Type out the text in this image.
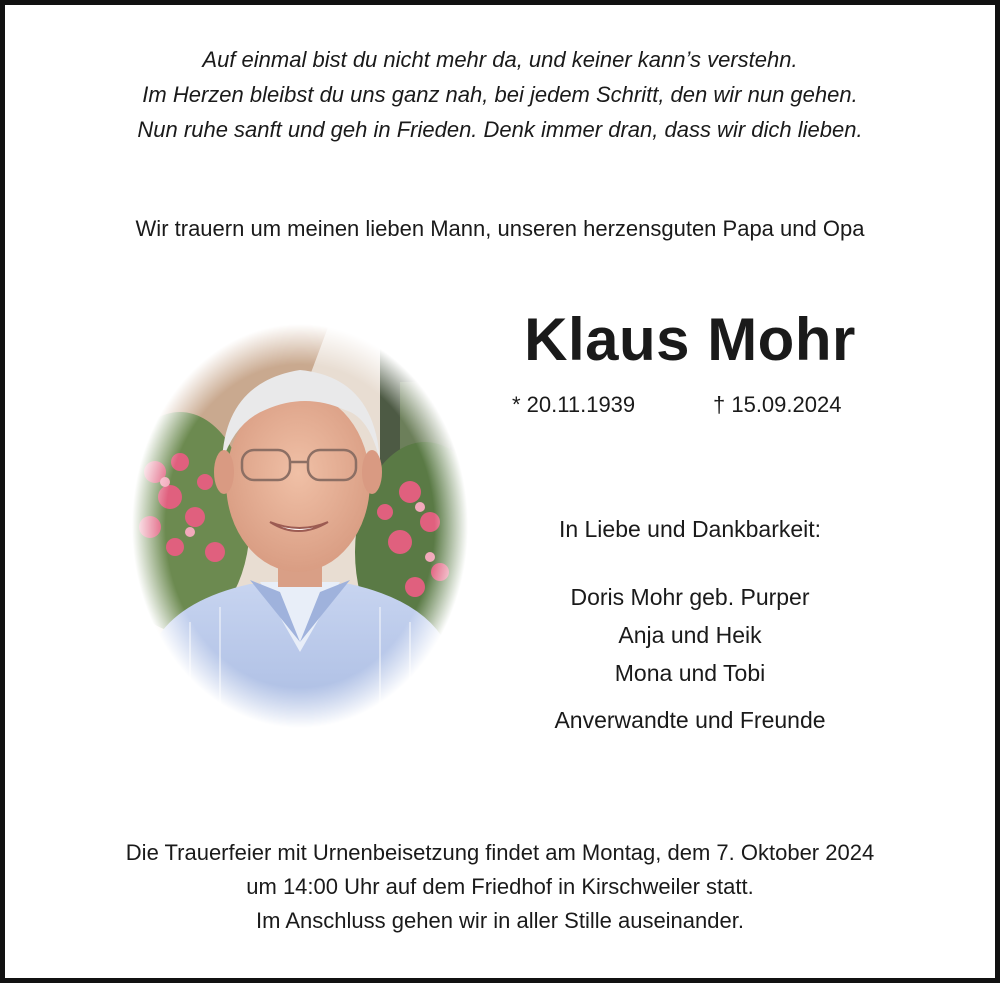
Auf einmal bist du nicht mehr da, und keiner kann’s verstehn.
Im Herzen bleibst du uns ganz nah, bei jedem Schritt, den wir nun gehen.
Nun ruhe sanft und geh in Frieden. Denk immer dran, dass wir dich lieben.
Wir trauern um meinen lieben Mann, unseren herzensguten Papa und Opa
Klaus Mohr
* 20.11.1939	† 15.09.2024
In Liebe und Dankbarkeit:
Doris Mohr geb. Purper
Anja und Heik
Mona und Tobi
Anverwandte und Freunde
Die Trauerfeier mit Urnenbeisetzung findet am Montag, dem 7. Oktober 2024
um 14:00 Uhr auf dem Friedhof in Kirschweiler statt.
Im Anschluss gehen wir in aller Stille auseinander.
